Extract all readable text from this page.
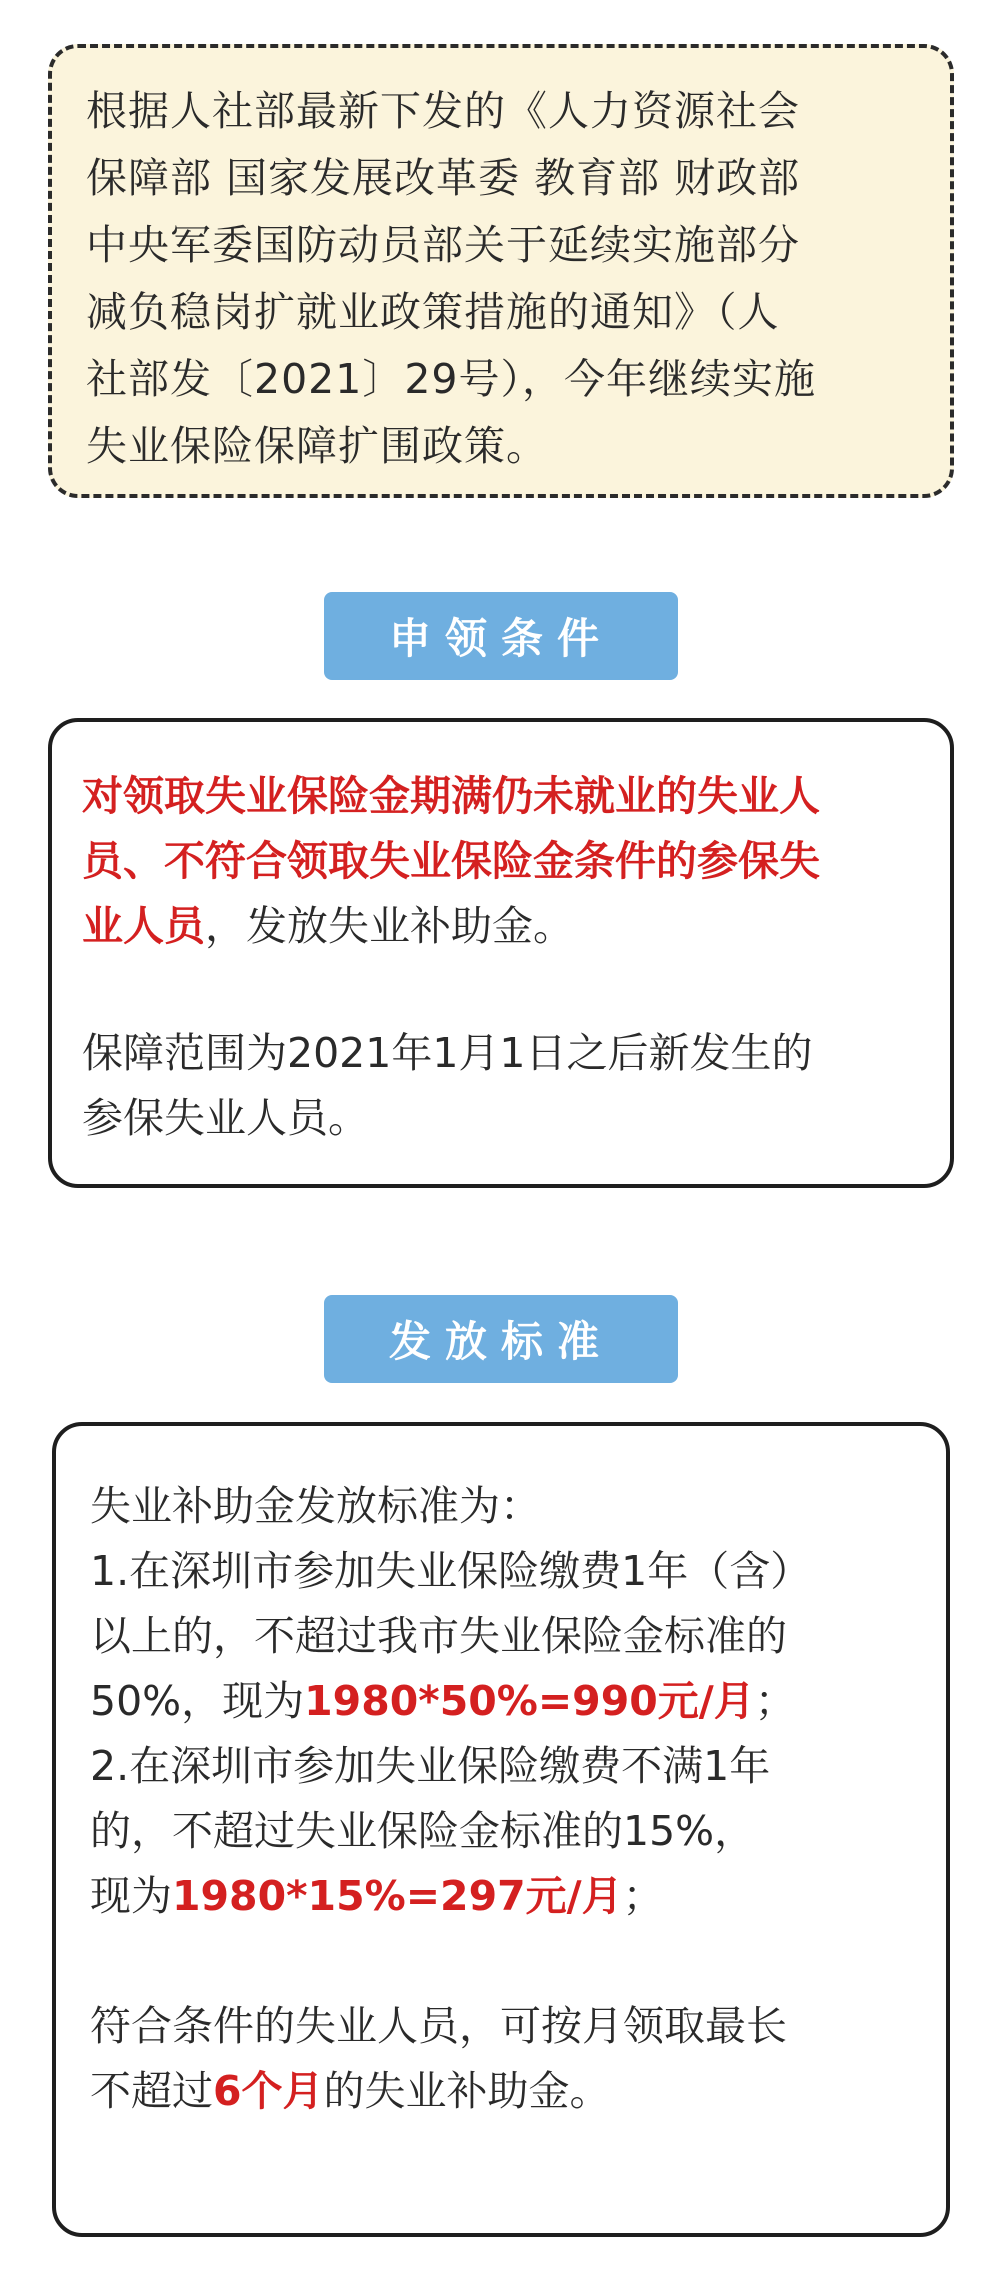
根据人社部最新下发的《人力资源社会

保障部 国家发展改革委 教育部 财政部

中央军委国防动员部关于延续实施部分

减负稳岗扩就业政策措施的通知》（人

社部发〔2021〕29号），今年继续实施

失业保险保障扩围政策。

申领条件

对领取失业保险金期满仍未就业的失业人

员、不符合领取失业保险金条件的参保失

业人员，发放失业补助金。

保障范围为2021年1月1日之后新发生的

参保失业人员。

发放标准

失业补助金发放标准为：

1.在深圳市参加失业保险缴费1年（含）

以上的，不超过我市失业保险金标准的

50%，现为1980*50%=990元/月；

2.在深圳市参加失业保险缴费不满1年

的，不超过失业保险金标准的15%，

现为1980*15%=297元/月；

符合条件的失业人员，可按月领取最长

不超过6个月的失业补助金。
